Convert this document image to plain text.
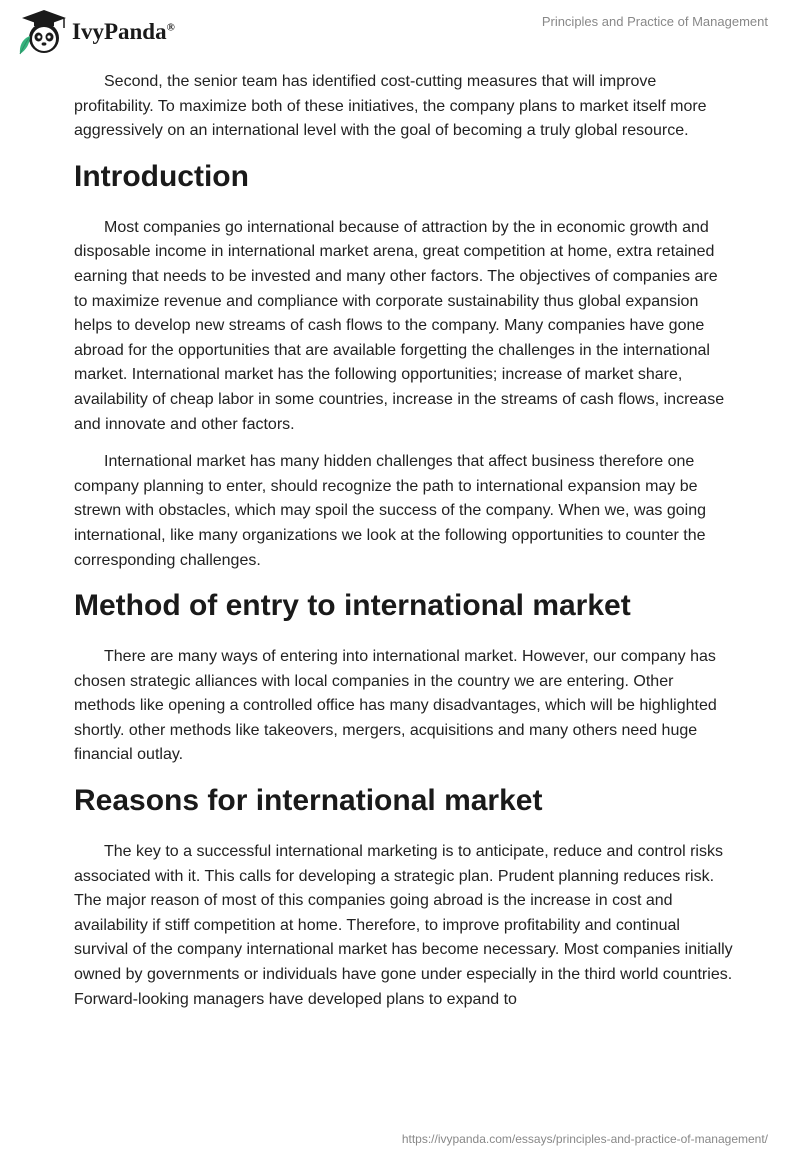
IvyPanda®	Principles and Practice of Management

Second, the senior team has identified cost-cutting measures that will improve profitability. To maximize both of these initiatives, the company plans to market itself more aggressively on an international level with the goal of becoming a truly global resource.

Introduction

Most companies go international because of attraction by the in economic growth and disposable income in international market arena, great competition at home, extra retained earning that needs to be invested and many other factors. The objectives of companies are to maximize revenue and compliance with corporate sustainability thus global expansion helps to develop new streams of cash flows to the company. Many companies have gone abroad for the opportunities that are available forgetting the challenges in the international market. International market has the following opportunities; increase of market share, availability of cheap labor in some countries, increase in the streams of cash flows, increase and innovate and other factors.

International market has many hidden challenges that affect business therefore one company planning to enter, should recognize the path to international expansion may be strewn with obstacles, which may spoil the success of the company. When we, was going international, like many organizations we look at the following opportunities to counter the corresponding challenges.

Method of entry to international market

There are many ways of entering into international market. However, our company has chosen strategic alliances with local companies in the country we are entering. Other methods like opening a controlled office has many disadvantages, which will be highlighted shortly. other methods like takeovers, mergers, acquisitions and many others need huge financial outlay.

Reasons for international market

The key to a successful international marketing is to anticipate, reduce and control risks associated with it. This calls for developing a strategic plan. Prudent planning reduces risk. The major reason of most of this companies going abroad is the increase in cost and availability if stiff competition at home. Therefore, to improve profitability and continual survival of the company international market has become necessary. Most companies initially owned by governments or individuals have gone under especially in the third world countries. Forward-looking managers have developed plans to expand to

https://ivypanda.com/essays/principles-and-practice-of-management/
